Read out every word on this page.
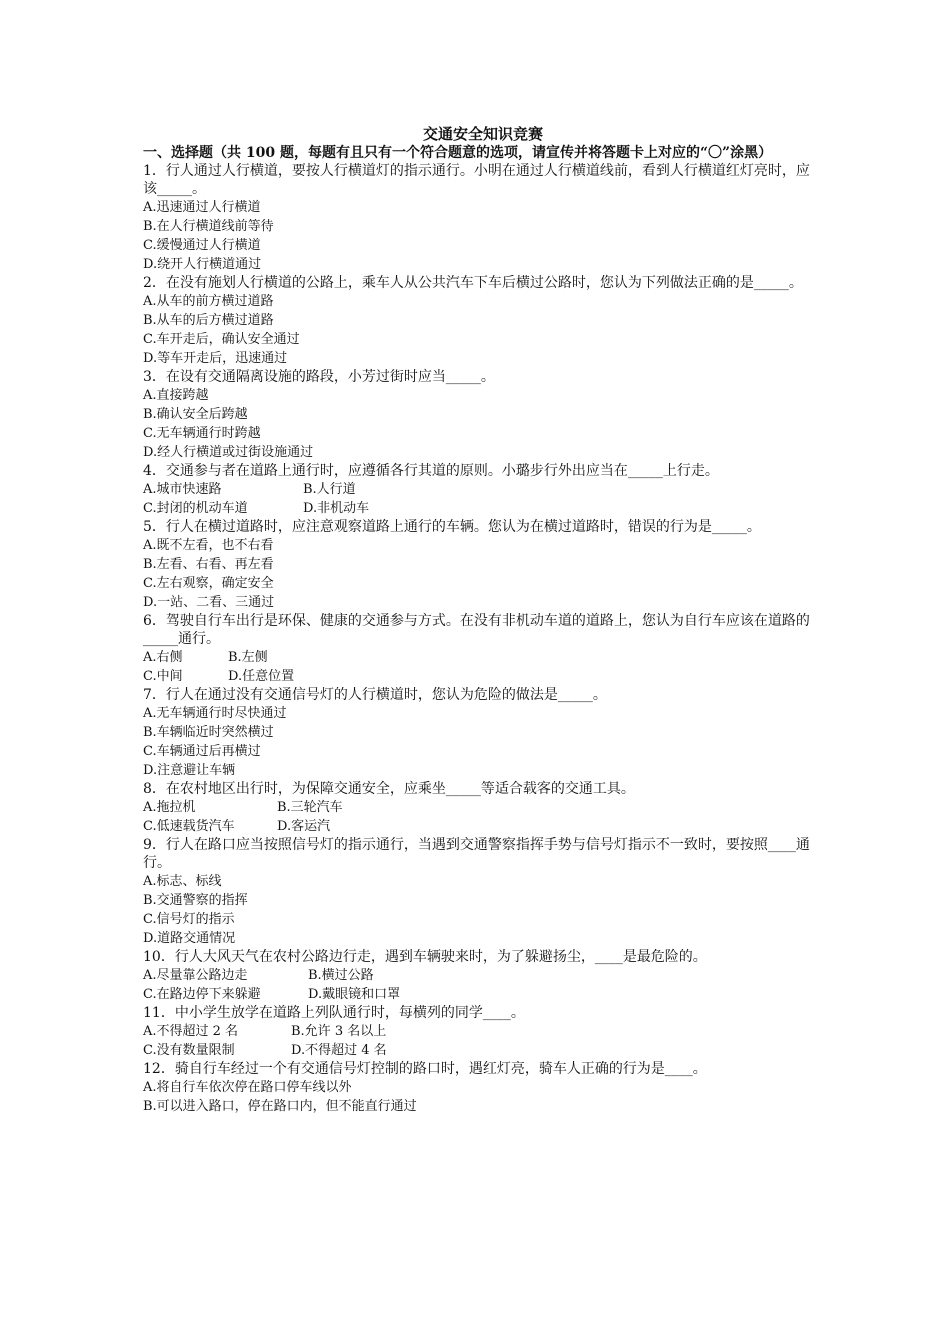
交通安全知识竞赛
一、选择题（共 100 题，每题有且只有一个符合题意的选项，请宣传并将答题卡上对应的“〇”涂黑）
1．行人通过人行横道，要按人行横道灯的指示通行。小明在通过人行横道线前，看到人行横道红灯亮时，应该_____。
A.迅速通过人行横道
B.在人行横道线前等待
C.缓慢通过人行横道
D.绕开人行横道通过
2．在没有施划人行横道的公路上，乘车人从公共汽车下车后横过公路时，您认为下列做法正确的是_____。
A.从车的前方横过道路
B.从车的后方横过道路
C.车开走后，确认安全通过
D.等车开走后，迅速通过
3．在设有交通隔离设施的路段，小芳过街时应当_____。
A.直接跨越
B.确认安全后跨越
C.无车辆通行时跨越
D.经人行横道或过街设施通过
4．交通参与者在道路上通行时，应遵循各行其道的原则。小璐步行外出应当在_____上行走。
A.城市快速路	B.人行道
C.封闭的机动车道	D.非机动车
5．行人在横过道路时，应注意观察道路上通行的车辆。您认为在横过道路时，错误的行为是_____。
A.既不左看，也不右看
B.左看、右看、再左看
C.左右观察，确定安全
D.一站、二看、三通过
6．驾驶自行车出行是环保、健康的交通参与方式。在没有非机动车道的道路上，您认为自行车应该在道路的_____通行。
A.右侧	B.左侧
C.中间	D.任意位置
7．行人在通过没有交通信号灯的人行横道时，您认为危险的做法是_____。
A.无车辆通行时尽快通过
B.车辆临近时突然横过
C.车辆通过后再横过
D.注意避让车辆
8．在农村地区出行时，为保障交通安全，应乘坐_____等适合载客的交通工具。
A.拖拉机	B.三轮汽车
C.低速载货汽车	D.客运汽
9．行人在路口应当按照信号灯的指示通行，当遇到交通警察指挥手势与信号灯指示不一致时，要按照____通行。
A.标志、标线
B.交通警察的指挥
C.信号灯的指示
D.道路交通情况
10．行人大风天气在农村公路边行走，遇到车辆驶来时，为了躲避扬尘，____是最危险的。
A.尽量靠公路边走	B.横过公路
C.在路边停下来躲避	D.戴眼镜和口罩
11．中小学生放学在道路上列队通行时，每横列的同学____。
A.不得超过 2 名	B.允许 3 名以上
C.没有数量限制	D.不得超过 4 名
12．骑自行车经过一个有交通信号灯控制的路口时，遇红灯亮，骑车人正确的行为是____。
A.将自行车依次停在路口停车线以外
B.可以进入路口，停在路口内，但不能直行通过
